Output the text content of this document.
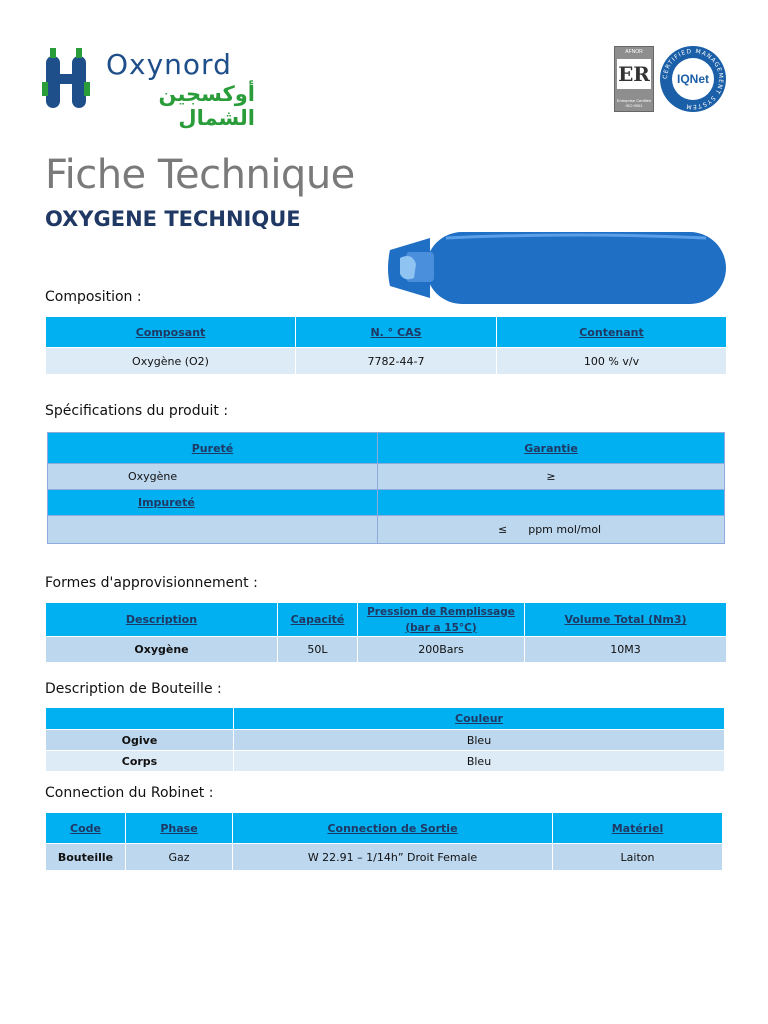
Oxynord
أوكسجين الشمال
AFNOR
ER
Entreprise Certifiée ISO 9001
CERTIFIED MANAGEMENT SYSTEM
IQNet
Fiche Technique
OXYGENE TECHNIQUE
Composition :
Composant	N. ° CAS	Contenant
Oxygène (O2)	7782-44-7	100 % v/v
Spécifications du produit :
Pureté	Garantie
Oxygène	≥
Impureté	
	≤ ppm mol/mol
Formes d'approvisionnement :
Description	Capacité	Pression de Remplissage (bar a 15°C)	Volume Total (Nm3)
Oxygène	50L	200Bars	10M3
Description de Bouteille :
	Couleur
Ogive	Bleu
Corps	Bleu
Connection du Robinet :
Code	Phase	Connection de Sortie	Matériel
Bouteille	Gaz	W 22.91 – 1/14h” Droit Female	Laiton
